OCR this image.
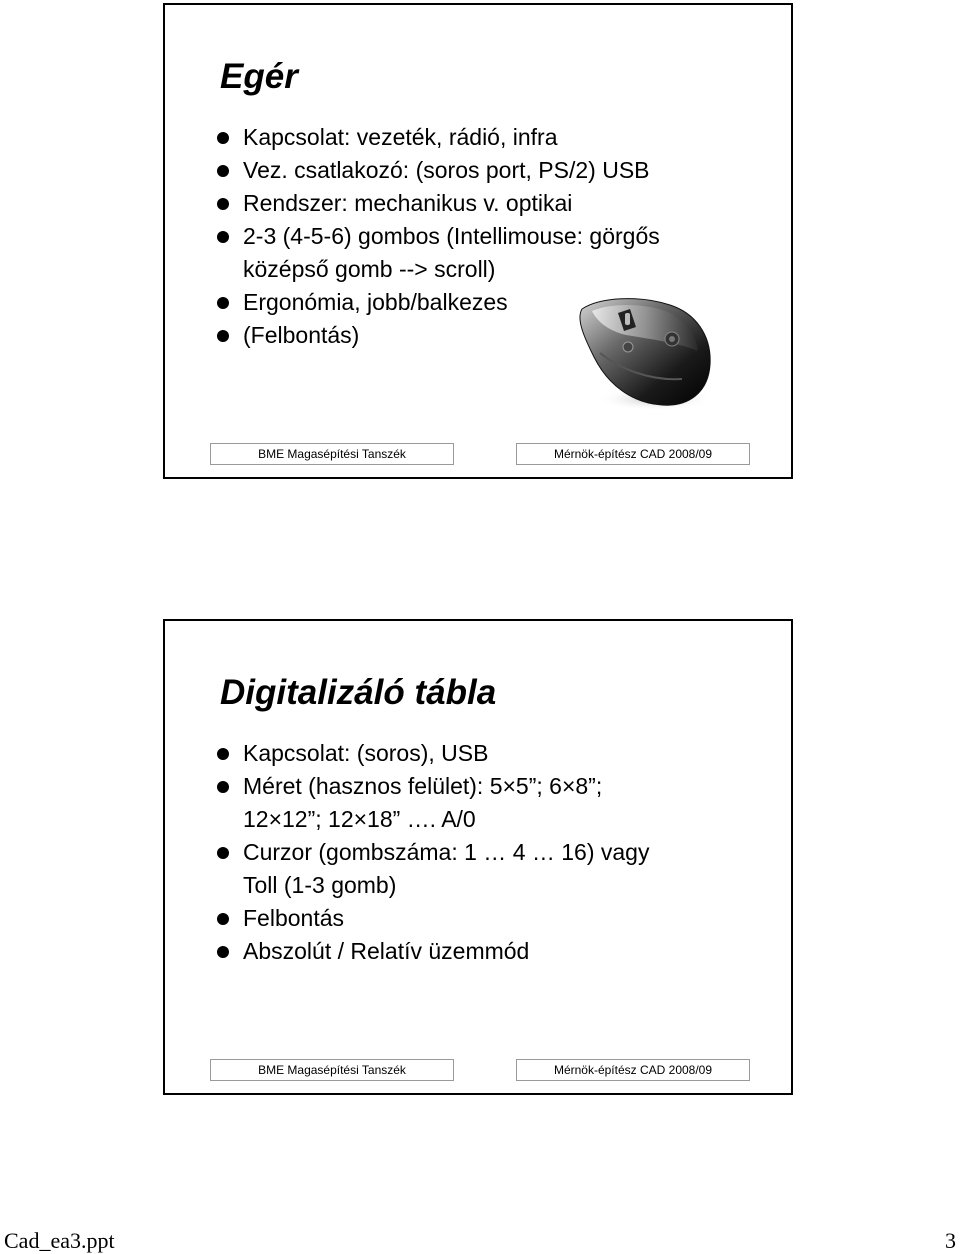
Egér
Kapcsolat: vezeték, rádió, infra
Vez. csatlakozó: (soros port, PS/2) USB
Rendszer: mechanikus v. optikai
2-3 (4-5-6) gombos (Intellimouse: görgős
középső gomb --> scroll)
Ergonómia, jobb/balkezes
(Felbontás)
BME Magasépítési Tanszék	Mérnök-építész CAD 2008/09
Digitalizáló tábla
Kapcsolat: (soros), USB
Méret (hasznos felület): 5×5”; 6×8”;
12×12”; 12×18” …. A/0
Curzor (gombszáma: 1 … 4 … 16) vagy
Toll (1-3 gomb)
Felbontás
Abszolút / Relatív üzemmód
BME Magasépítési Tanszék	Mérnök-építész CAD 2008/09
Cad_ea3.ppt	3
